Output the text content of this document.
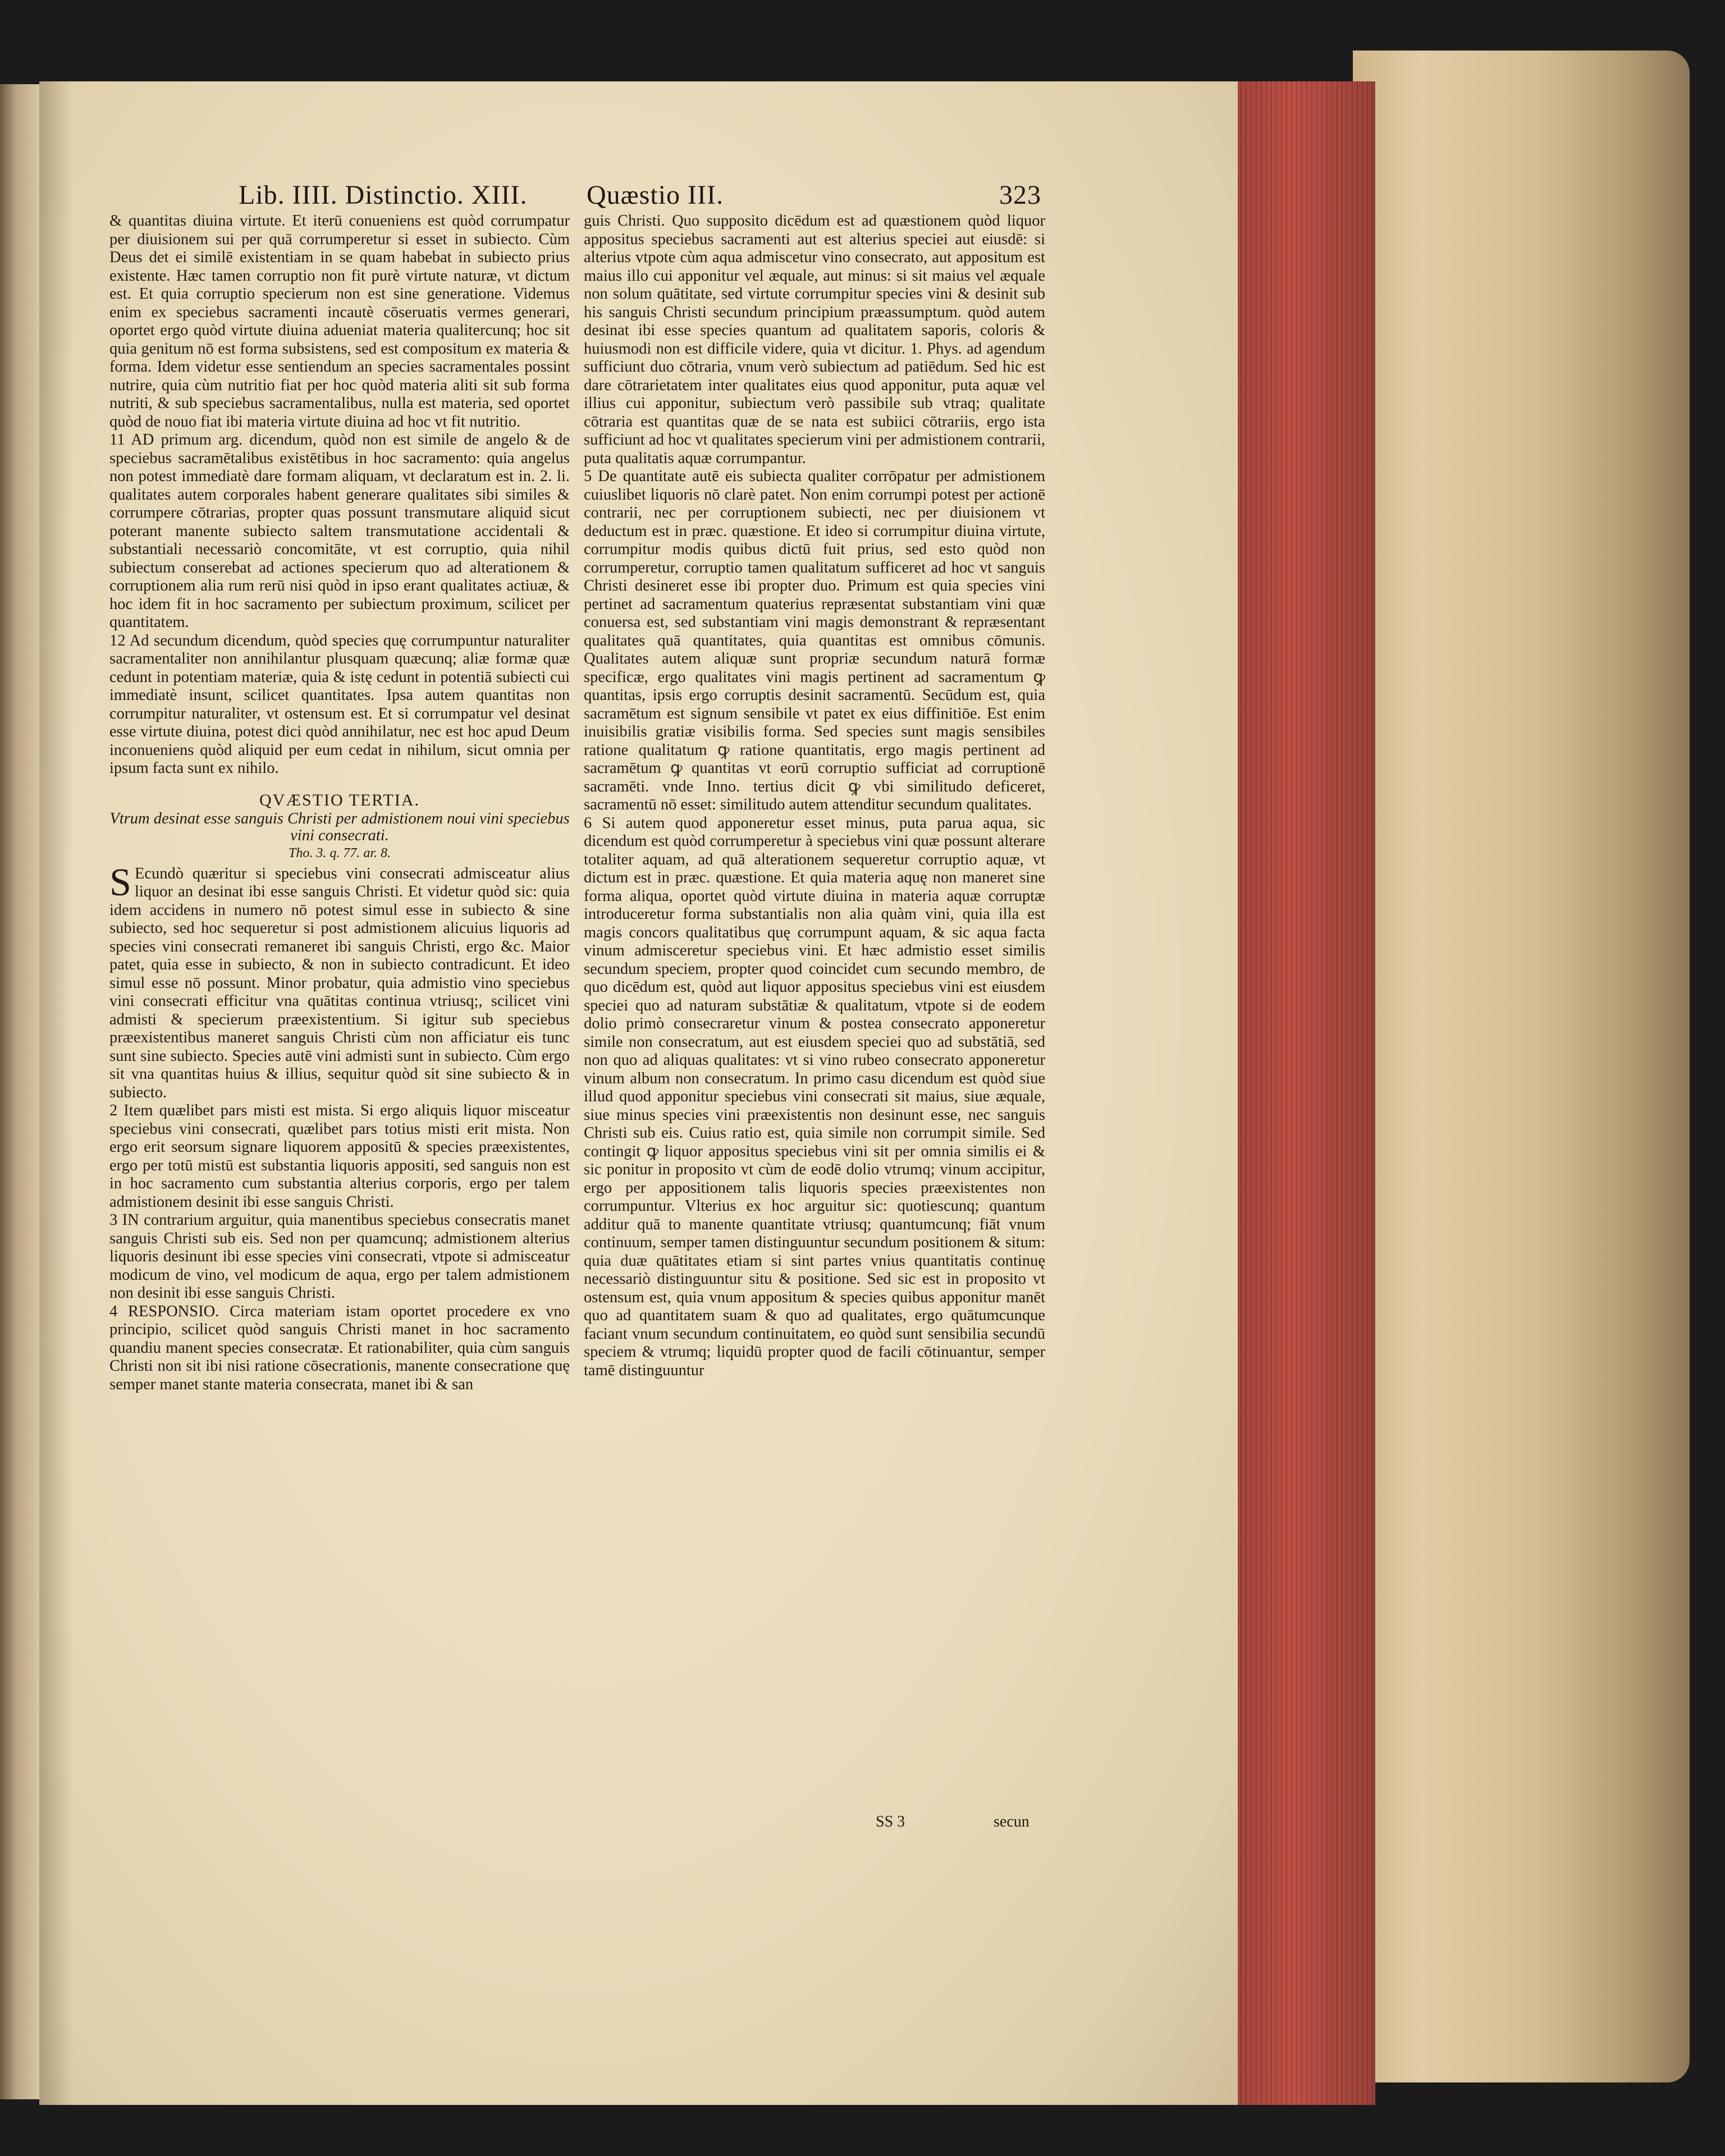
Lib. IIII. Distinctio. XIII. Quæstio III.	323

& quantitas diuina virtute. Et iterū conueniens est quòd corrumpatur per diuisionem sui per quā corrumperetur si esset in subiecto. Cùm Deus det ei similē existentiam in se quam habebat in subiecto prius existente. Hæc tamen corruptio non fit purè virtute naturæ, vt dictum est. Et quia corruptio specierum non est sine generatione. Videmus enim ex speciebus sacramenti incautè cōseruatis vermes generari, oportet ergo quòd virtute diuina adueniat materia qualitercunq; hoc sit quia genitum nō est forma subsistens, sed est compositum ex materia & forma. Idem videtur esse sentiendum an species sacramentales possint nutrire, quia cùm nutritio fiat per hoc quòd materia aliti sit sub forma nutriti, & sub speciebus sacramentalibus, nulla est materia, sed oportet quòd de nouo fiat ibi materia virtute diuina ad hoc vt fit nutritio.

11 AD primum arg. dicendum, quòd non est simile de angelo & de speciebus sacramētalibus existētibus in hoc sacramento: quia angelus non potest immediatè dare formam aliquam, vt declaratum est in. 2. li. qualitates autem corporales habent generare qualitates sibi similes & corrumpere cōtrarias, propter quas possunt transmutare aliquid sicut poterant manente subiecto saltem transmutatione accidentali & substantiali necessariò concomitāte, vt est corruptio, quia nihil subiectum conserebat ad actiones specierum quo ad alterationem & corruptionem alia rum rerū nisi quòd in ipso erant qualitates actiuæ, & hoc idem fit in hoc sacramento per subiectum proximum, scilicet per quantitatem.

12 Ad secundum dicendum, quòd species quę corrumpuntur naturaliter sacramentaliter non annihilantur plusquam quæcunq; aliæ formæ quæ cedunt in potentiam materiæ, quia & istę cedunt in potentiā subiecti cui immediatè insunt, scilicet quantitates. Ipsa autem quantitas non corrumpitur naturaliter, vt ostensum est. Et si corrumpatur vel desinat esse virtute diuina, potest dici quòd annihilatur, nec est hoc apud Deum inconueniens quòd aliquid per eum cedat in nihilum, sicut omnia per ipsum facta sunt ex nihilo.

QVÆSTIO TERTIA.

Vtrum desinat esse sanguis Christi per admistionem noui vini speciebus vini consecrati.

Tho. 3. q. 77. ar. 8.

S Ecundò quæritur si speciebus vini consecrati admisceatur alius liquor an desinat ibi esse sanguis Christi. Et videtur quòd sic: quia idem accidens in numero nō potest simul esse in subiecto & sine subiecto, sed hoc sequeretur si post admistionem alicuius liquoris ad species vini consecrati remaneret ibi sanguis Christi, ergo &c. Maior patet, quia esse in subiecto, & non in subiecto contradicunt. Et ideo simul esse nō possunt. Minor probatur, quia admistio vino speciebus vini consecrati efficitur vna quātitas continua vtriusq;, scilicet vini admisti & specierum præexistentium. Si igitur sub speciebus præexistentibus maneret sanguis Christi cùm non afficiatur eis tunc sunt sine subiecto. Species autē vini admisti sunt in subiecto. Cùm ergo sit vna quantitas huius & illius, sequitur quòd sit sine subiecto & in subiecto.

2 Item quælibet pars misti est mista. Si ergo aliquis liquor misceatur speciebus vini consecrati, quælibet pars totius misti erit mista. Non ergo erit seorsum signare liquorem appositū & species præexistentes, ergo per totū mistū est substantia liquoris appositi, sed sanguis non est in hoc sacramento cum substantia alterius corporis, ergo per talem admistionem desinit ibi esse sanguis Christi.

3 IN contrarium arguitur, quia manentibus speciebus consecratis manet sanguis Christi sub eis. Sed non per quamcunq; admistionem alterius liquoris desinunt ibi esse species vini consecrati, vtpote si admisceatur modicum de vino, vel modicum de aqua, ergo per talem admistionem non desinit ibi esse sanguis Christi.

4 RESPONSIO. Circa materiam istam oportet procedere ex vno principio, scilicet quòd sanguis Christi manet in hoc sacramento quandiu manent species consecratæ. Et rationabiliter, quia cùm sanguis Christi non sit ibi nisi ratione cōsecrationis, manente consecratione quę semper manet stante materia consecrata, manet ibi & san

guis Christi. Quo supposito dicēdum est ad quæstionem quòd liquor appositus speciebus sacramenti aut est alterius speciei aut eiusdē: si alterius vtpote cùm aqua admiscetur vino consecrato, aut appositum est maius illo cui apponitur vel æquale, aut minus: si sit maius vel æquale non solum quātitate, sed virtute corrumpitur species vini & desinit sub his sanguis Christi secundum principium præassumptum. quòd autem desinat ibi esse species quantum ad qualitatem saporis, coloris & huiusmodi non est difficile videre, quia vt dicitur. 1. Phys. ad agendum sufficiunt duo cōtraria, vnum verò subiectum ad patiēdum. Sed hic est dare cōtrarietatem inter qualitates eius quod apponitur, puta aquæ vel illius cui apponitur, subiectum verò passibile sub vtraq; qualitate cōtraria est quantitas quæ de se nata est subiici cōtrariis, ergo ista sufficiunt ad hoc vt qualitates specierum vini per admistionem contrarii, puta qualitatis aquæ corrumpantur.

5 De quantitate autē eis subiecta qualiter corrōpatur per admistionem cuiuslibet liquoris nō clarè patet. Non enim corrumpi potest per actionē contrarii, nec per corruptionem subiecti, nec per diuisionem vt deductum est in præc. quæstione. Et ideo si corrumpitur diuina virtute, corrumpitur modis quibus dictū fuit prius, sed esto quòd non corrumperetur, corruptio tamen qualitatum sufficeret ad hoc vt sanguis Christi desineret esse ibi propter duo. Primum est quia species vini pertinet ad sacramentum quaterius repræsentat substantiam vini quæ conuersa est, sed substantiam vini magis demonstrant & repræsentant qualitates quā quantitates, quia quantitas est omnibus cōmunis. Qualitates autem aliquæ sunt propriæ secundum naturā formæ specificæ, ergo qualitates vini magis pertinent ad sacramentum ꝙ quantitas, ipsis ergo corruptis desinit sacramentū. Secūdum est, quia sacramētum est signum sensibile vt patet ex eius diffinitiōe. Est enim inuisibilis gratiæ visibilis forma. Sed species sunt magis sensibiles ratione qualitatum ꝙ ratione quantitatis, ergo magis pertinent ad sacramētum ꝙ quantitas vt eorū corruptio sufficiat ad corruptionē sacramēti. vnde Inno. tertius dicit ꝙ vbi similitudo deficeret, sacramentū nō esset: similitudo autem attenditur secundum qualitates.

6 Si autem quod apponeretur esset minus, puta parua aqua, sic dicendum est quòd corrumperetur à speciebus vini quæ possunt alterare totaliter aquam, ad quā alterationem sequeretur corruptio aquæ, vt dictum est in præc. quæstione. Et quia materia aquę non maneret sine forma aliqua, oportet quòd virtute diuina in materia aquæ corruptæ introduceretur forma substantialis non alia quàm vini, quia illa est magis concors qualitatibus quę corrumpunt aquam, & sic aqua facta vinum admisceretur speciebus vini. Et hæc admistio esset similis secundum speciem, propter quod coincidet cum secundo membro, de quo dicēdum est, quòd aut liquor appositus speciebus vini est eiusdem speciei quo ad naturam substātiæ & qualitatum, vtpote si de eodem dolio primò consecraretur vinum & postea consecrato apponeretur simile non consecratum, aut est eiusdem speciei quo ad substātiā, sed non quo ad aliquas qualitates: vt si vino rubeo consecrato apponeretur vinum album non consecratum. In primo casu dicendum est quòd siue illud quod apponitur speciebus vini consecrati sit maius, siue æquale, siue minus species vini præexistentis non desinunt esse, nec sanguis Christi sub eis. Cuius ratio est, quia simile non corrumpit simile. Sed contingit ꝙ liquor appositus speciebus vini sit per omnia similis ei & sic ponitur in proposito vt cùm de eodē dolio vtrumq; vinum accipitur, ergo per appositionem talis liquoris species præexistentes non corrumpuntur. Vlterius ex hoc arguitur sic: quotiescunq; quantum additur quā to manente quantitate vtriusq; quantumcunq; fiāt vnum continuum, semper tamen distinguuntur secundum positionem & situm: quia duæ quātitates etiam si sint partes vnius quantitatis continuę necessariò distinguuntur situ & positione. Sed sic est in proposito vt ostensum est, quia vnum appositum & species quibus apponitur manēt quo ad quantitatem suam & quo ad qualitates, ergo quātumcunque faciant vnum secundum continuitatem, eo quòd sunt sensibilia secundū speciem & vtrumq; liquidū propter quod de facili cōtinuantur, semper tamē distinguuntur

SS 3	secun
